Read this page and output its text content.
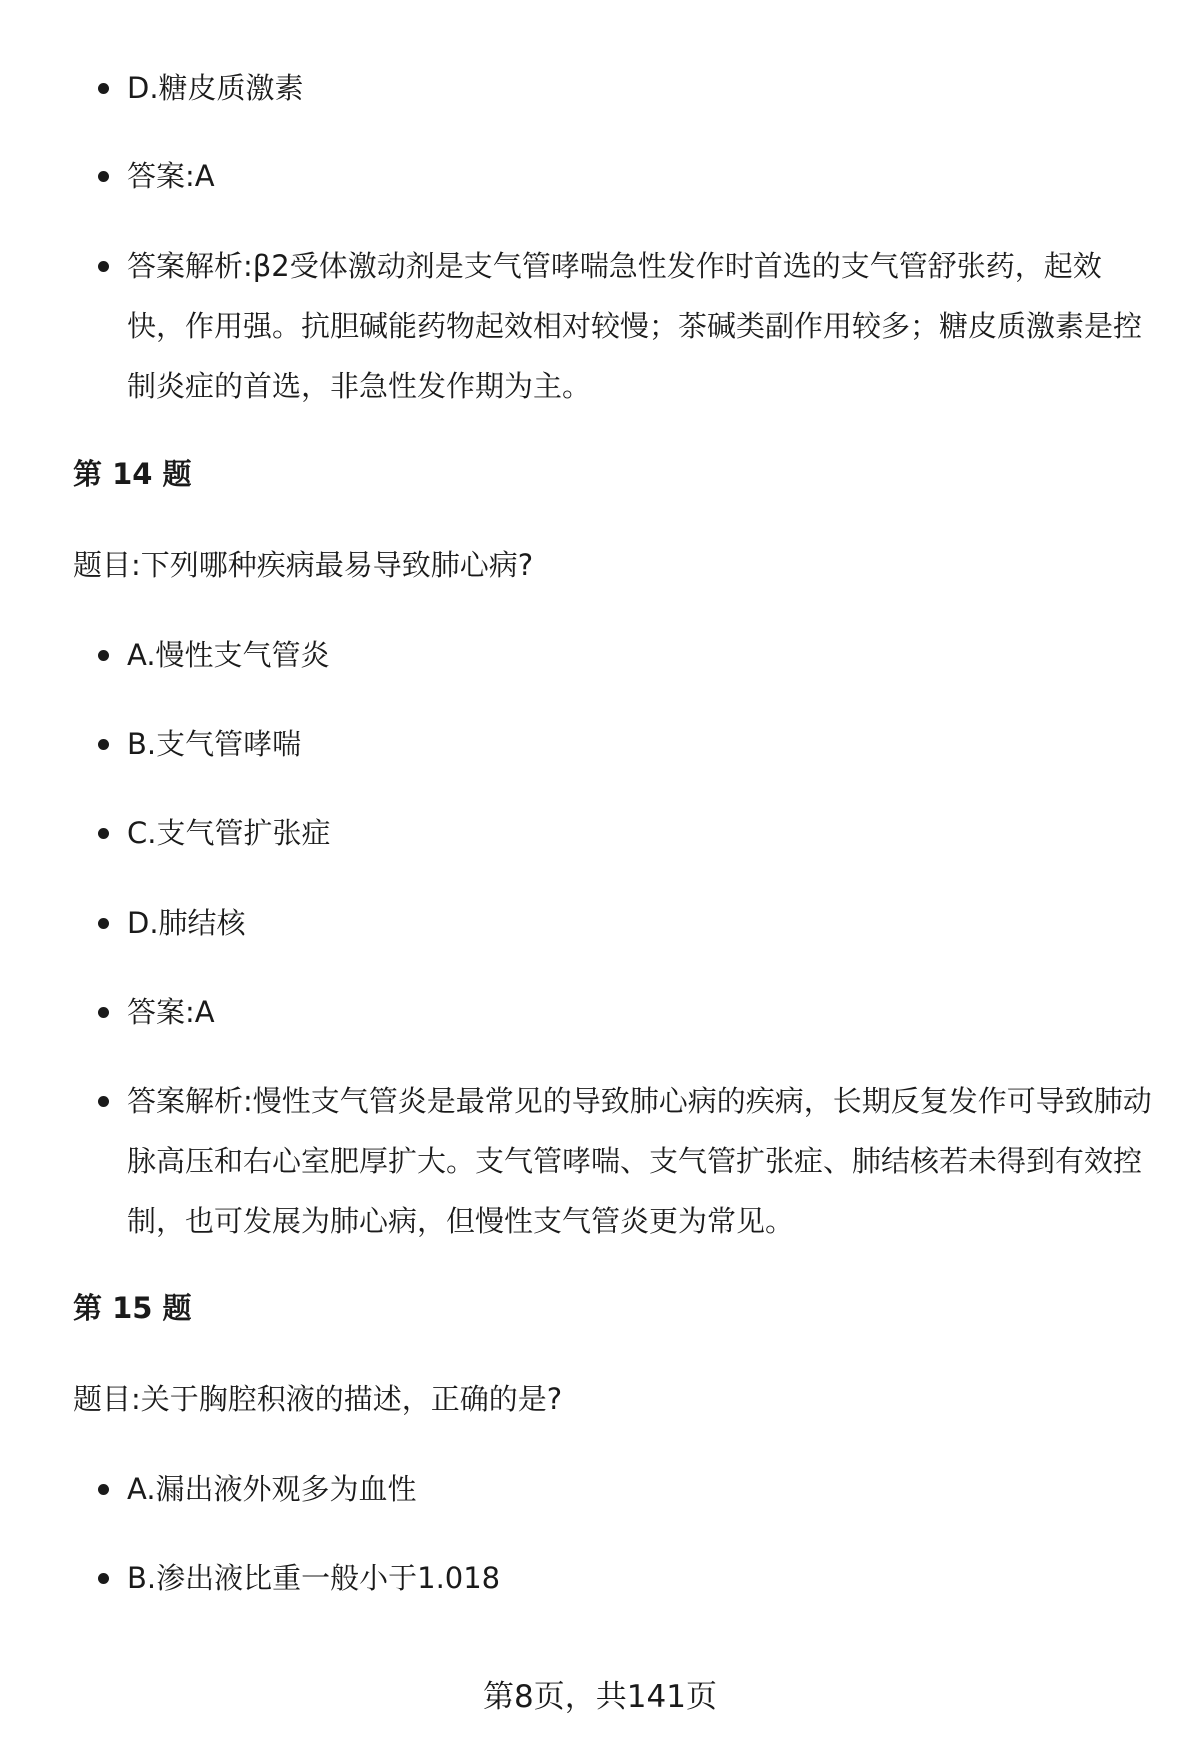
D.糖皮质激素
答案:A
答案解析:β2受体激动剂是支气管哮喘急性发作时首选的支气管舒张药，起效快，作用强。抗胆碱能药物起效相对较慢；茶碱类副作用较多；糖皮质激素是控制炎症的首选，非急性发作期为主。
第 14 题
题目:下列哪种疾病最易导致肺心病?
A.慢性支气管炎
B.支气管哮喘
C.支气管扩张症
D.肺结核
答案:A
答案解析:慢性支气管炎是最常见的导致肺心病的疾病，长期反复发作可导致肺动脉高压和右心室肥厚扩大。支气管哮喘、支气管扩张症、肺结核若未得到有效控制，也可发展为肺心病，但慢性支气管炎更为常见。
第 15 题
题目:关于胸腔积液的描述，正确的是?
A.漏出液外观多为血性
B.渗出液比重一般小于1.018
第8页，共141页
